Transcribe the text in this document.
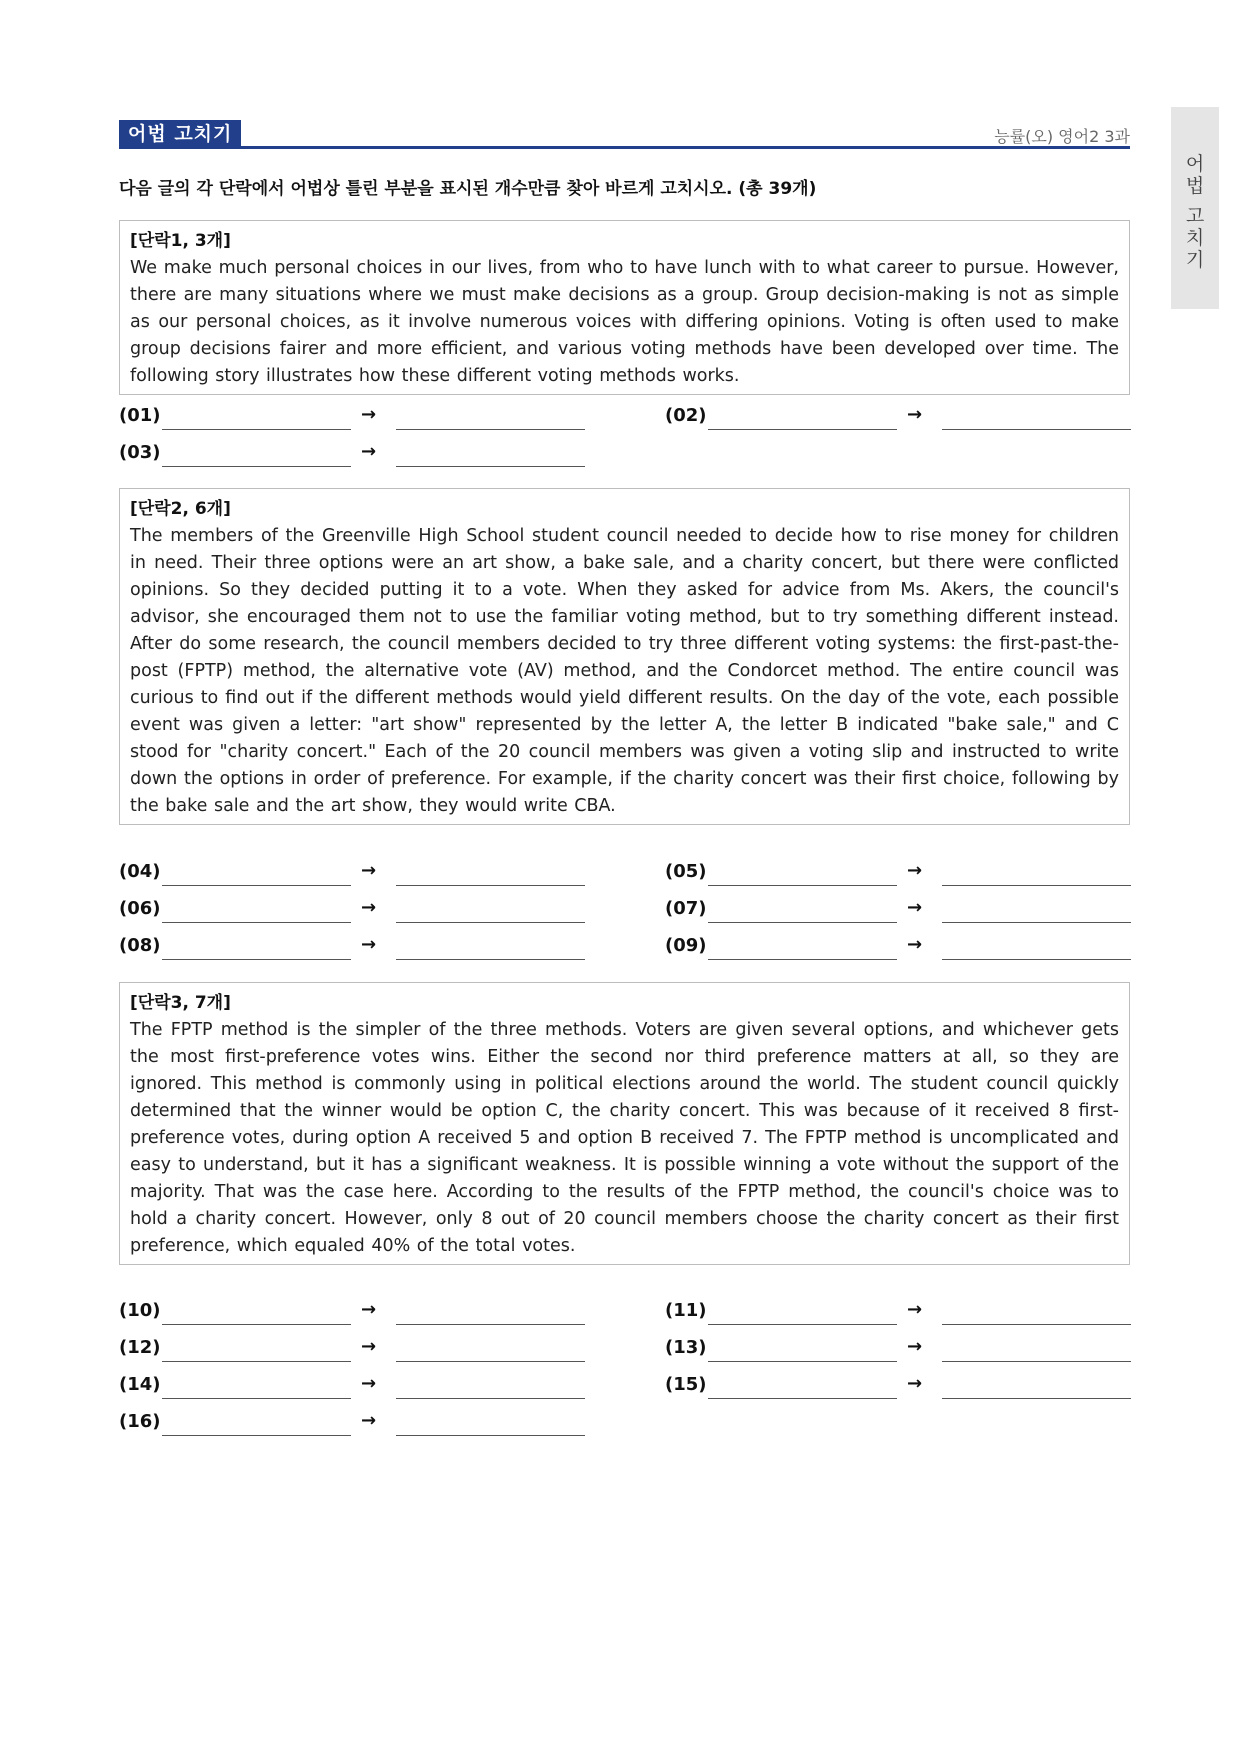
어법 고치기	능률(오) 영어2 3과
어
법
고
치
기
다음 글의 각 단락에서 어법상 틀린 부분을 표시된 개수만큼 찾아 바르게 고치시오. (총 39개)
[단락1, 3개]
We make much personal choices in our lives, from who to have lunch with to what career to pursue. However, there are many situations where we must make decisions as a group. Group decision-making is not as simple as our personal choices, as it involve numerous voices with differing opinions. Voting is often used to make group decisions fairer and more efficient, and various voting methods have been developed over time. The following story illustrates how these different voting methods works.
(01)	→	(02)	→
(03)	→
[단락2, 6개]
The members of the Greenville High School student council needed to decide how to rise money for children in need. Their three options were an art show, a bake sale, and a charity concert, but there were conflicted opinions. So they decided putting it to a vote. When they asked for advice from Ms. Akers, the council's advisor, she encouraged them not to use the familiar voting method, but to try something different instead. After do some research, the council members decided to try three different voting systems: the first-past-the-post (FPTP) method, the alternative vote (AV) method, and the Condorcet method. The entire council was curious to find out if the different methods would yield different results. On the day of the vote, each possible event was given a letter: "art show" represented by the letter A, the letter B indicated "bake sale," and C stood for "charity concert." Each of the 20 council members was given a voting slip and instructed to write down the options in order of preference. For example, if the charity concert was their first choice, following by the bake sale and the art show, they would write CBA.
(04)	→	(05)	→
(06)	→	(07)	→
(08)	→	(09)	→
[단락3, 7개]
The FPTP method is the simpler of the three methods. Voters are given several options, and whichever gets the most first-preference votes wins. Either the second nor third preference matters at all, so they are ignored. This method is commonly using in political elections around the world. The student council quickly determined that the winner would be option C, the charity concert. This was because of it received 8 first-preference votes, during option A received 5 and option B received 7. The FPTP method is uncomplicated and easy to understand, but it has a significant weakness. It is possible winning a vote without the support of the majority. That was the case here. According to the results of the FPTP method, the council's choice was to hold a charity concert. However, only 8 out of 20 council members choose the charity concert as their first preference, which equaled 40% of the total votes.
(10)	→	(11)	→
(12)	→	(13)	→
(14)	→	(15)	→
(16)	→
